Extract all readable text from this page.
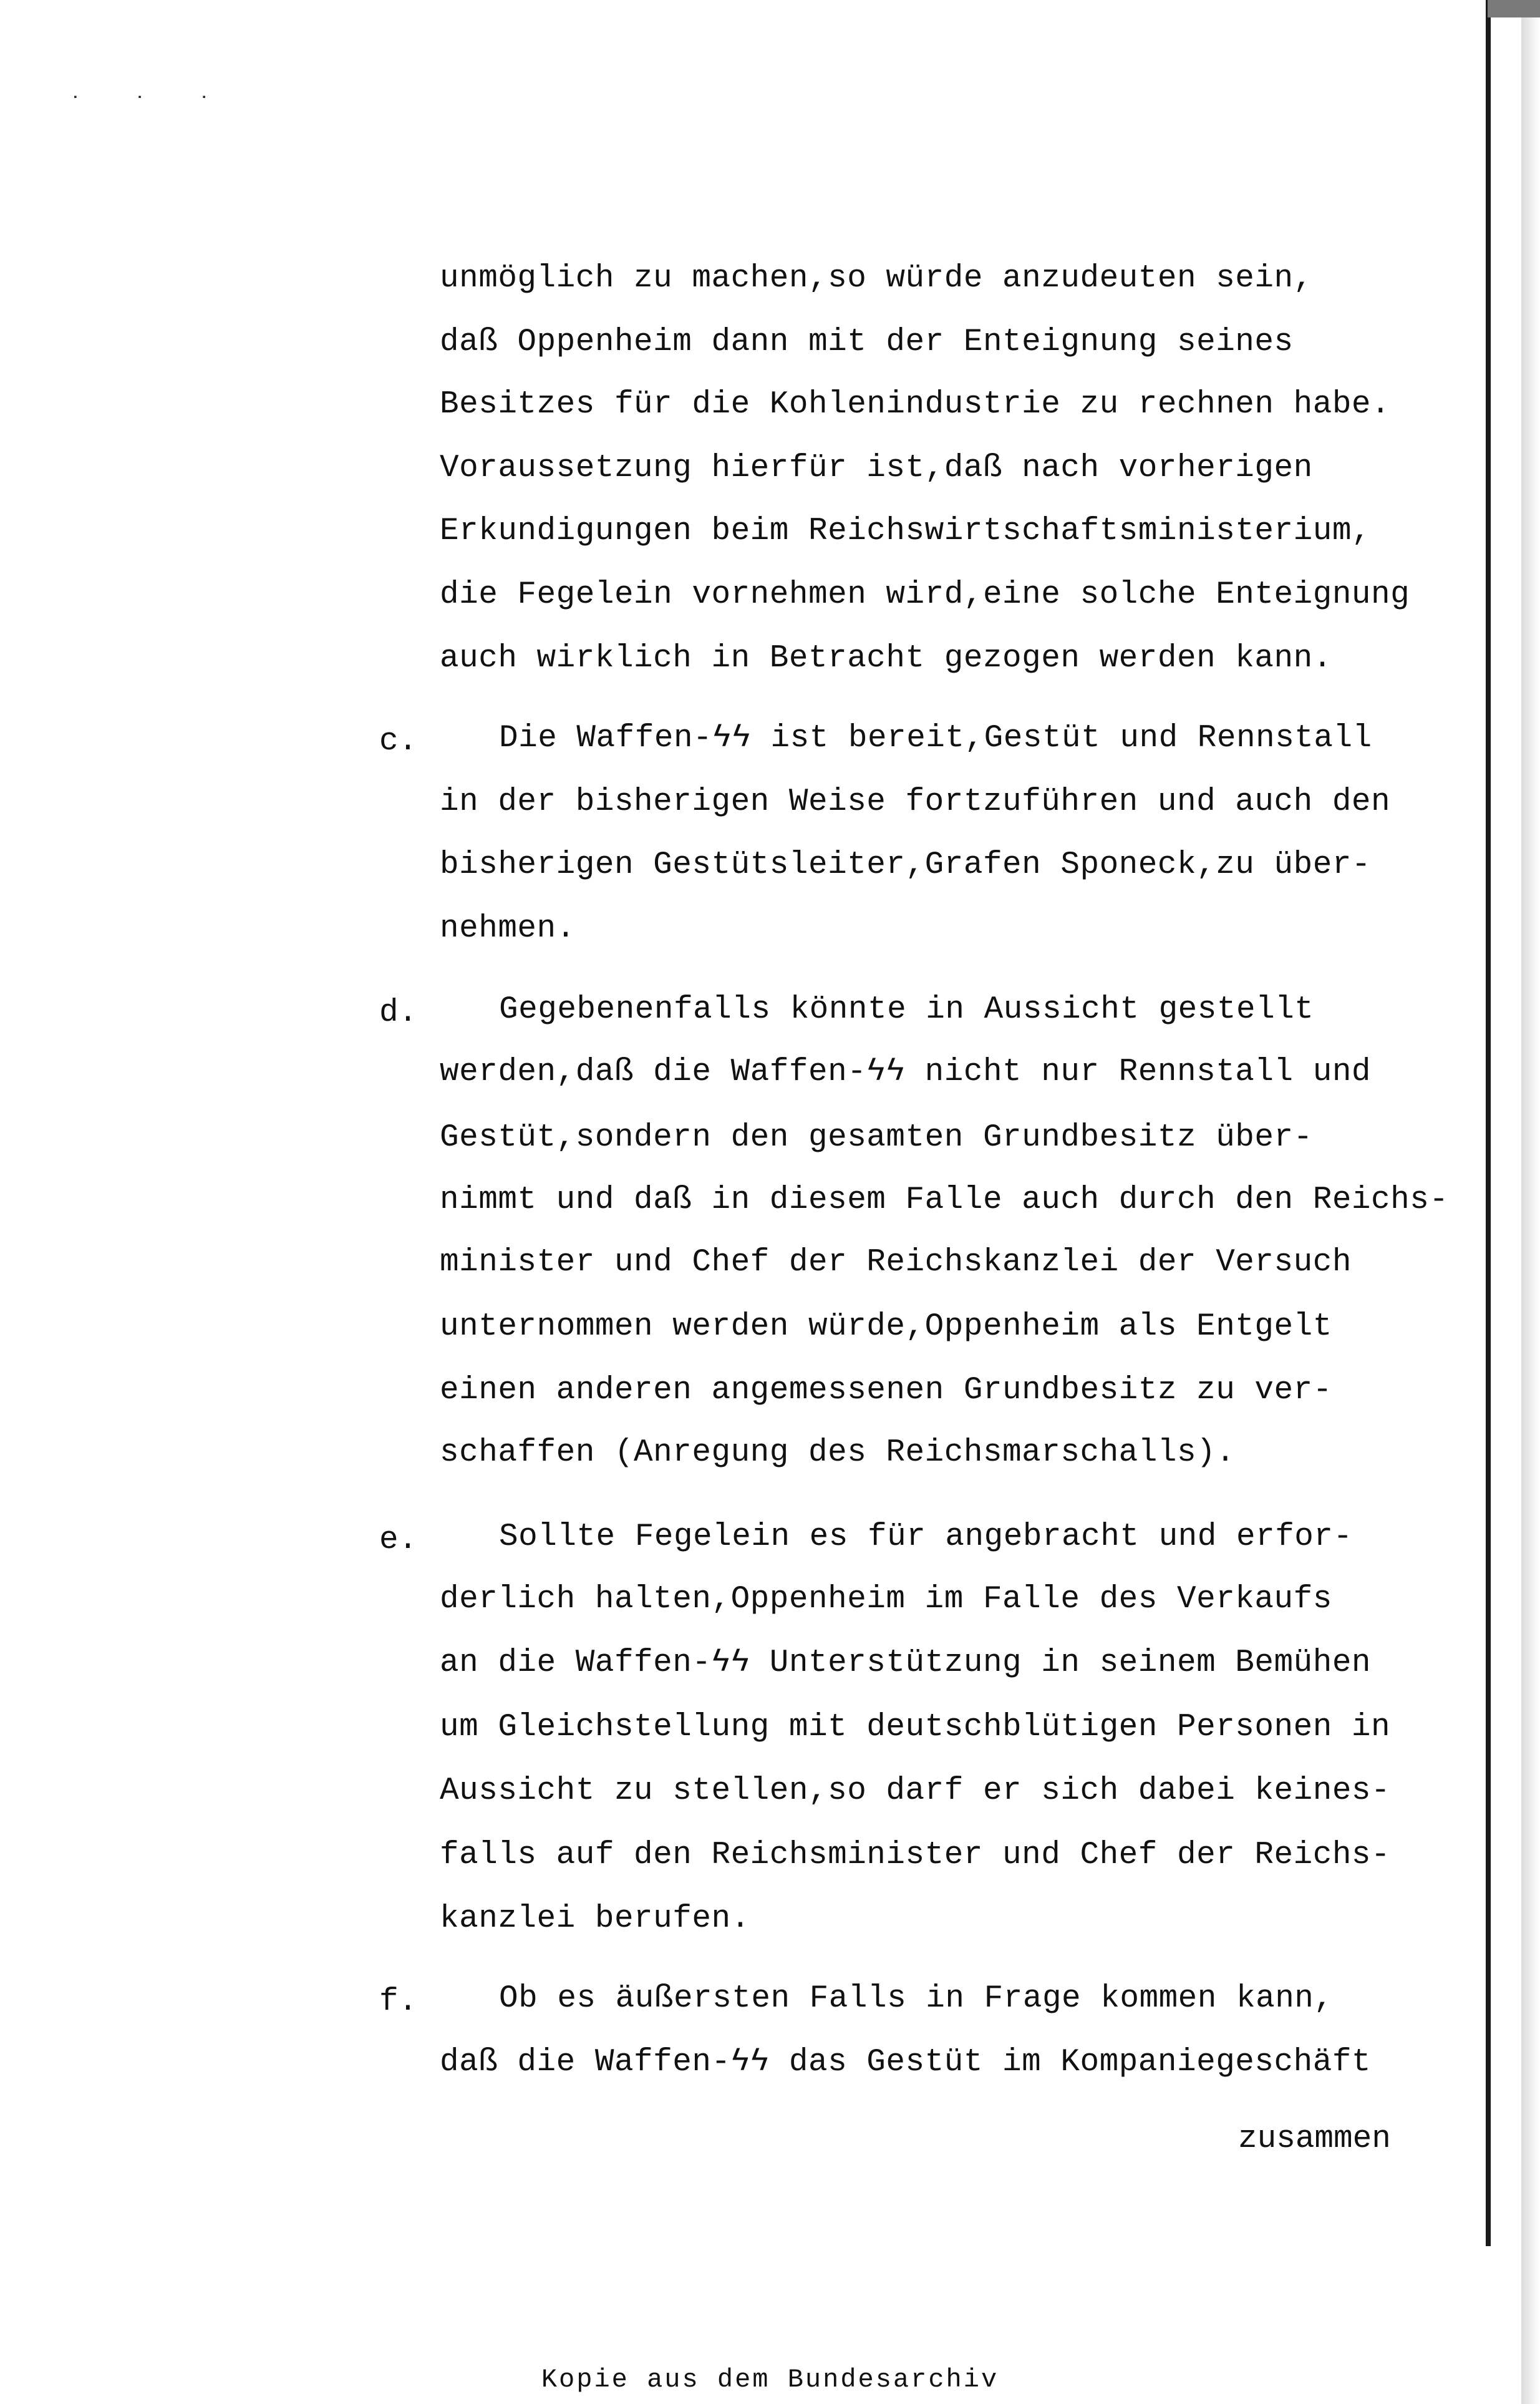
˙ ˙ ˙
unmöglich zu machen,so würde anzudeuten sein,
daß Oppenheim dann mit der Enteignung seines
Besitzes für die Kohlenindustrie zu rechnen habe.
Voraussetzung hierfür ist,daß nach vorherigen
Erkundigungen beim Reichswirtschaftsministerium,
die Fegelein vornehmen wird,eine solche Enteignung
auch wirklich in Betracht gezogen werden kann.
c.	Die Waffen-ϟϟ ist bereit,Gestüt und Rennstall
in der bisherigen Weise fortzuführen und auch den
bisherigen Gestütsleiter,Grafen Sponeck,zu über-
nehmen.
d.	Gegebenenfalls könnte in Aussicht gestellt
werden,daß die Waffen-ϟϟ nicht nur Rennstall und
Gestüt,sondern den gesamten Grundbesitz über-
nimmt und daß in diesem Falle auch durch den Reichs-
minister und Chef der Reichskanzlei der Versuch
unternommen werden würde,Oppenheim als Entgelt
einen anderen angemessenen Grundbesitz zu ver-
schaffen (Anregung des Reichsmarschalls).
e.	Sollte Fegelein es für angebracht und erfor-
derlich halten,Oppenheim im Falle des Verkaufs
an die Waffen-ϟϟ Unterstützung in seinem Bemühen
um Gleichstellung mit deutschblütigen Personen in
Aussicht zu stellen,so darf er sich dabei keines-
falls auf den Reichsminister und Chef der Reichs-
kanzlei berufen.
f.	Ob es äußersten Falls in Frage kommen kann,
daß die Waffen-ϟϟ das Gestüt im Kompaniegeschäft
zusammen
Kopie aus dem Bundesarchiv
